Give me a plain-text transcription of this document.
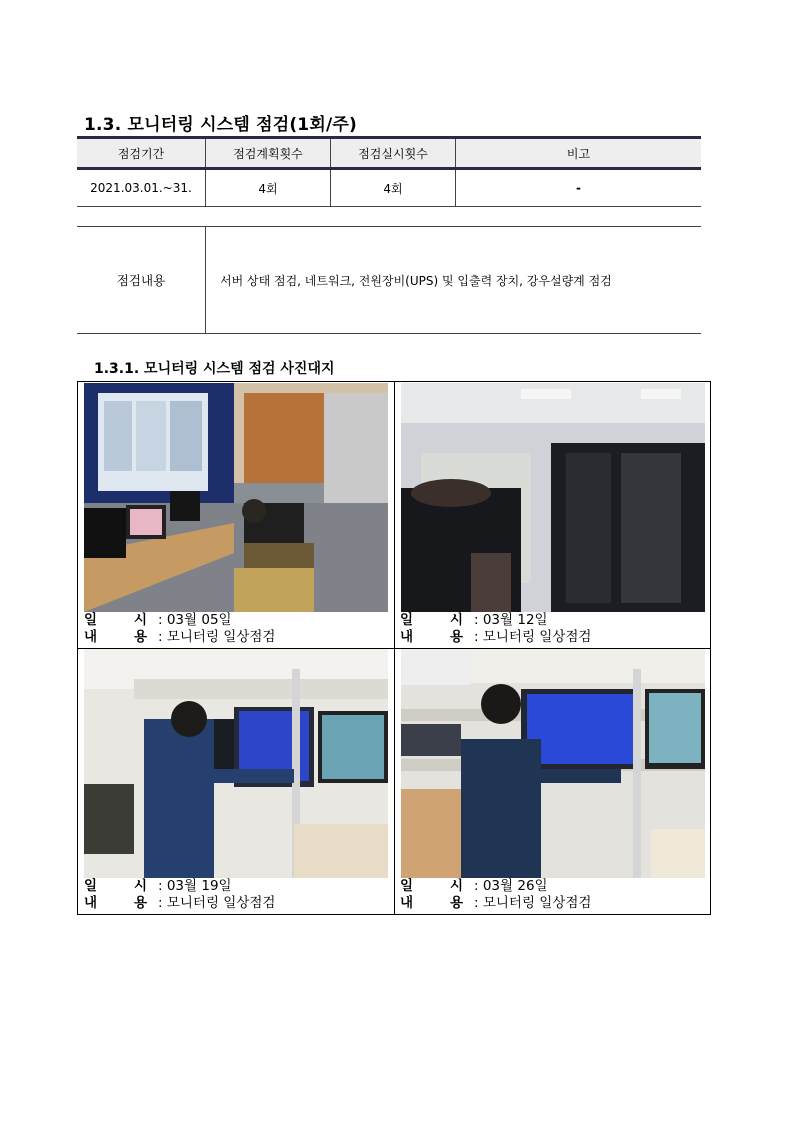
1.3. 모니터링 시스템 점검(1회/주)
점검기간	점검계획횟수	점검실시횟수	비고
2021.03.01.~31.	4회	4회	-
점검내용	서버 상태 점검, 네트워크, 전원장비(UPS) 및 입출력 장치, 강우설량계 점검
1.3.1. 모니터링 시스템 점검 사진대지
일	시 : 03월 05일
내	용 : 모니터링 일상점검
일	시 : 03월 12일
내	용 : 모니터링 일상점검
일	시 : 03월 19일
내	용 : 모니터링 일상점검
일	시 : 03월 26일
내	용 : 모니터링 일상점검
